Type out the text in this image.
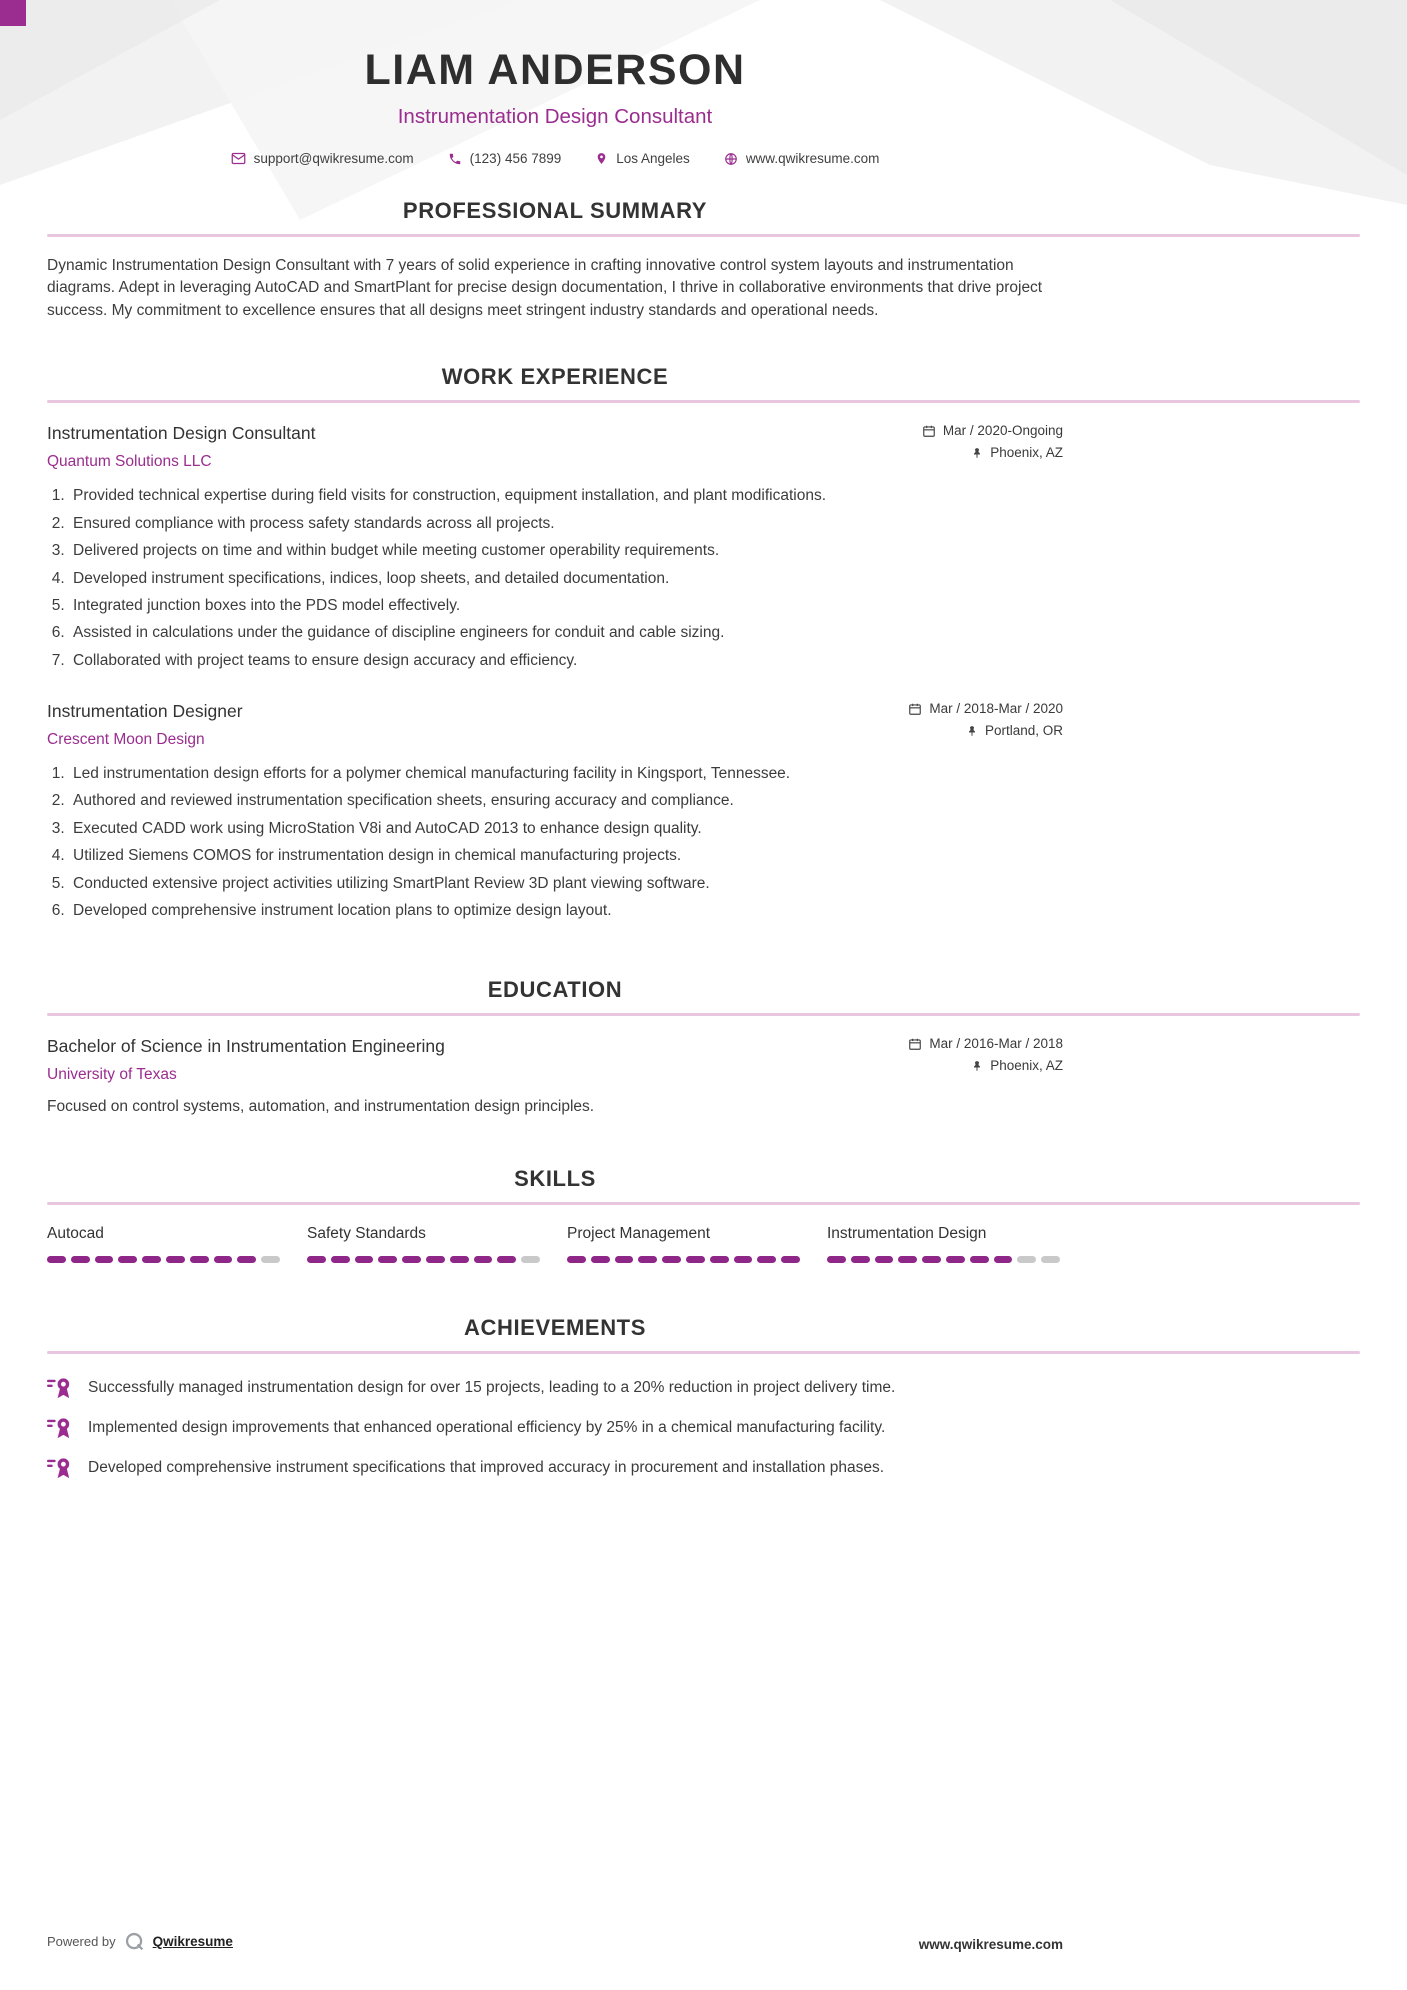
LIAM ANDERSON
Instrumentation Design Consultant
support@qwikresume.com	(123) 456 7899	Los Angeles	www.qwikresume.com
PROFESSIONAL SUMMARY

Dynamic Instrumentation Design Consultant with 7 years of solid experience in crafting innovative control system layouts and instrumentation diagrams. Adept in leveraging AutoCAD and SmartPlant for precise design documentation, I thrive in collaborative environments that drive project success. My commitment to excellence ensures that all designs meet stringent industry standards and operational needs.

WORK EXPERIENCE
Instrumentation Design Consultant
Quantum Solutions LLC
Mar / 2020-Ongoing
Phoenix, AZ
1. Provided technical expertise during field visits for construction, equipment installation, and plant modifications.
2. Ensured compliance with process safety standards across all projects.
3. Delivered projects on time and within budget while meeting customer operability requirements.
4. Developed instrument specifications, indices, loop sheets, and detailed documentation.
5. Integrated junction boxes into the PDS model effectively.
6. Assisted in calculations under the guidance of discipline engineers for conduit and cable sizing.
7. Collaborated with project teams to ensure design accuracy and efficiency.
Instrumentation Designer
Crescent Moon Design
Mar / 2018-Mar / 2020
Portland, OR
1. Led instrumentation design efforts for a polymer chemical manufacturing facility in Kingsport, Tennessee.
2. Authored and reviewed instrumentation specification sheets, ensuring accuracy and compliance.
3. Executed CADD work using MicroStation V8i and AutoCAD 2013 to enhance design quality.
4. Utilized Siemens COMOS for instrumentation design in chemical manufacturing projects.
5. Conducted extensive project activities utilizing SmartPlant Review 3D plant viewing software.
6. Developed comprehensive instrument location plans to optimize design layout.
EDUCATION
Bachelor of Science in Instrumentation Engineering
University of Texas
Mar / 2016-Mar / 2018
Phoenix, AZ

Focused on control systems, automation, and instrumentation design principles.

SKILLS
Autocad	Safety Standards	Project Management	Instrumentation Design
ACHIEVEMENTS
Successfully managed instrumentation design for over 15 projects, leading to a 20% reduction in project delivery time.
Implemented design improvements that enhanced operational efficiency by 25% in a chemical manufacturing facility.
Developed comprehensive instrument specifications that improved accuracy in procurement and installation phases.
Powered by	Qwikresume	www.qwikresume.com
